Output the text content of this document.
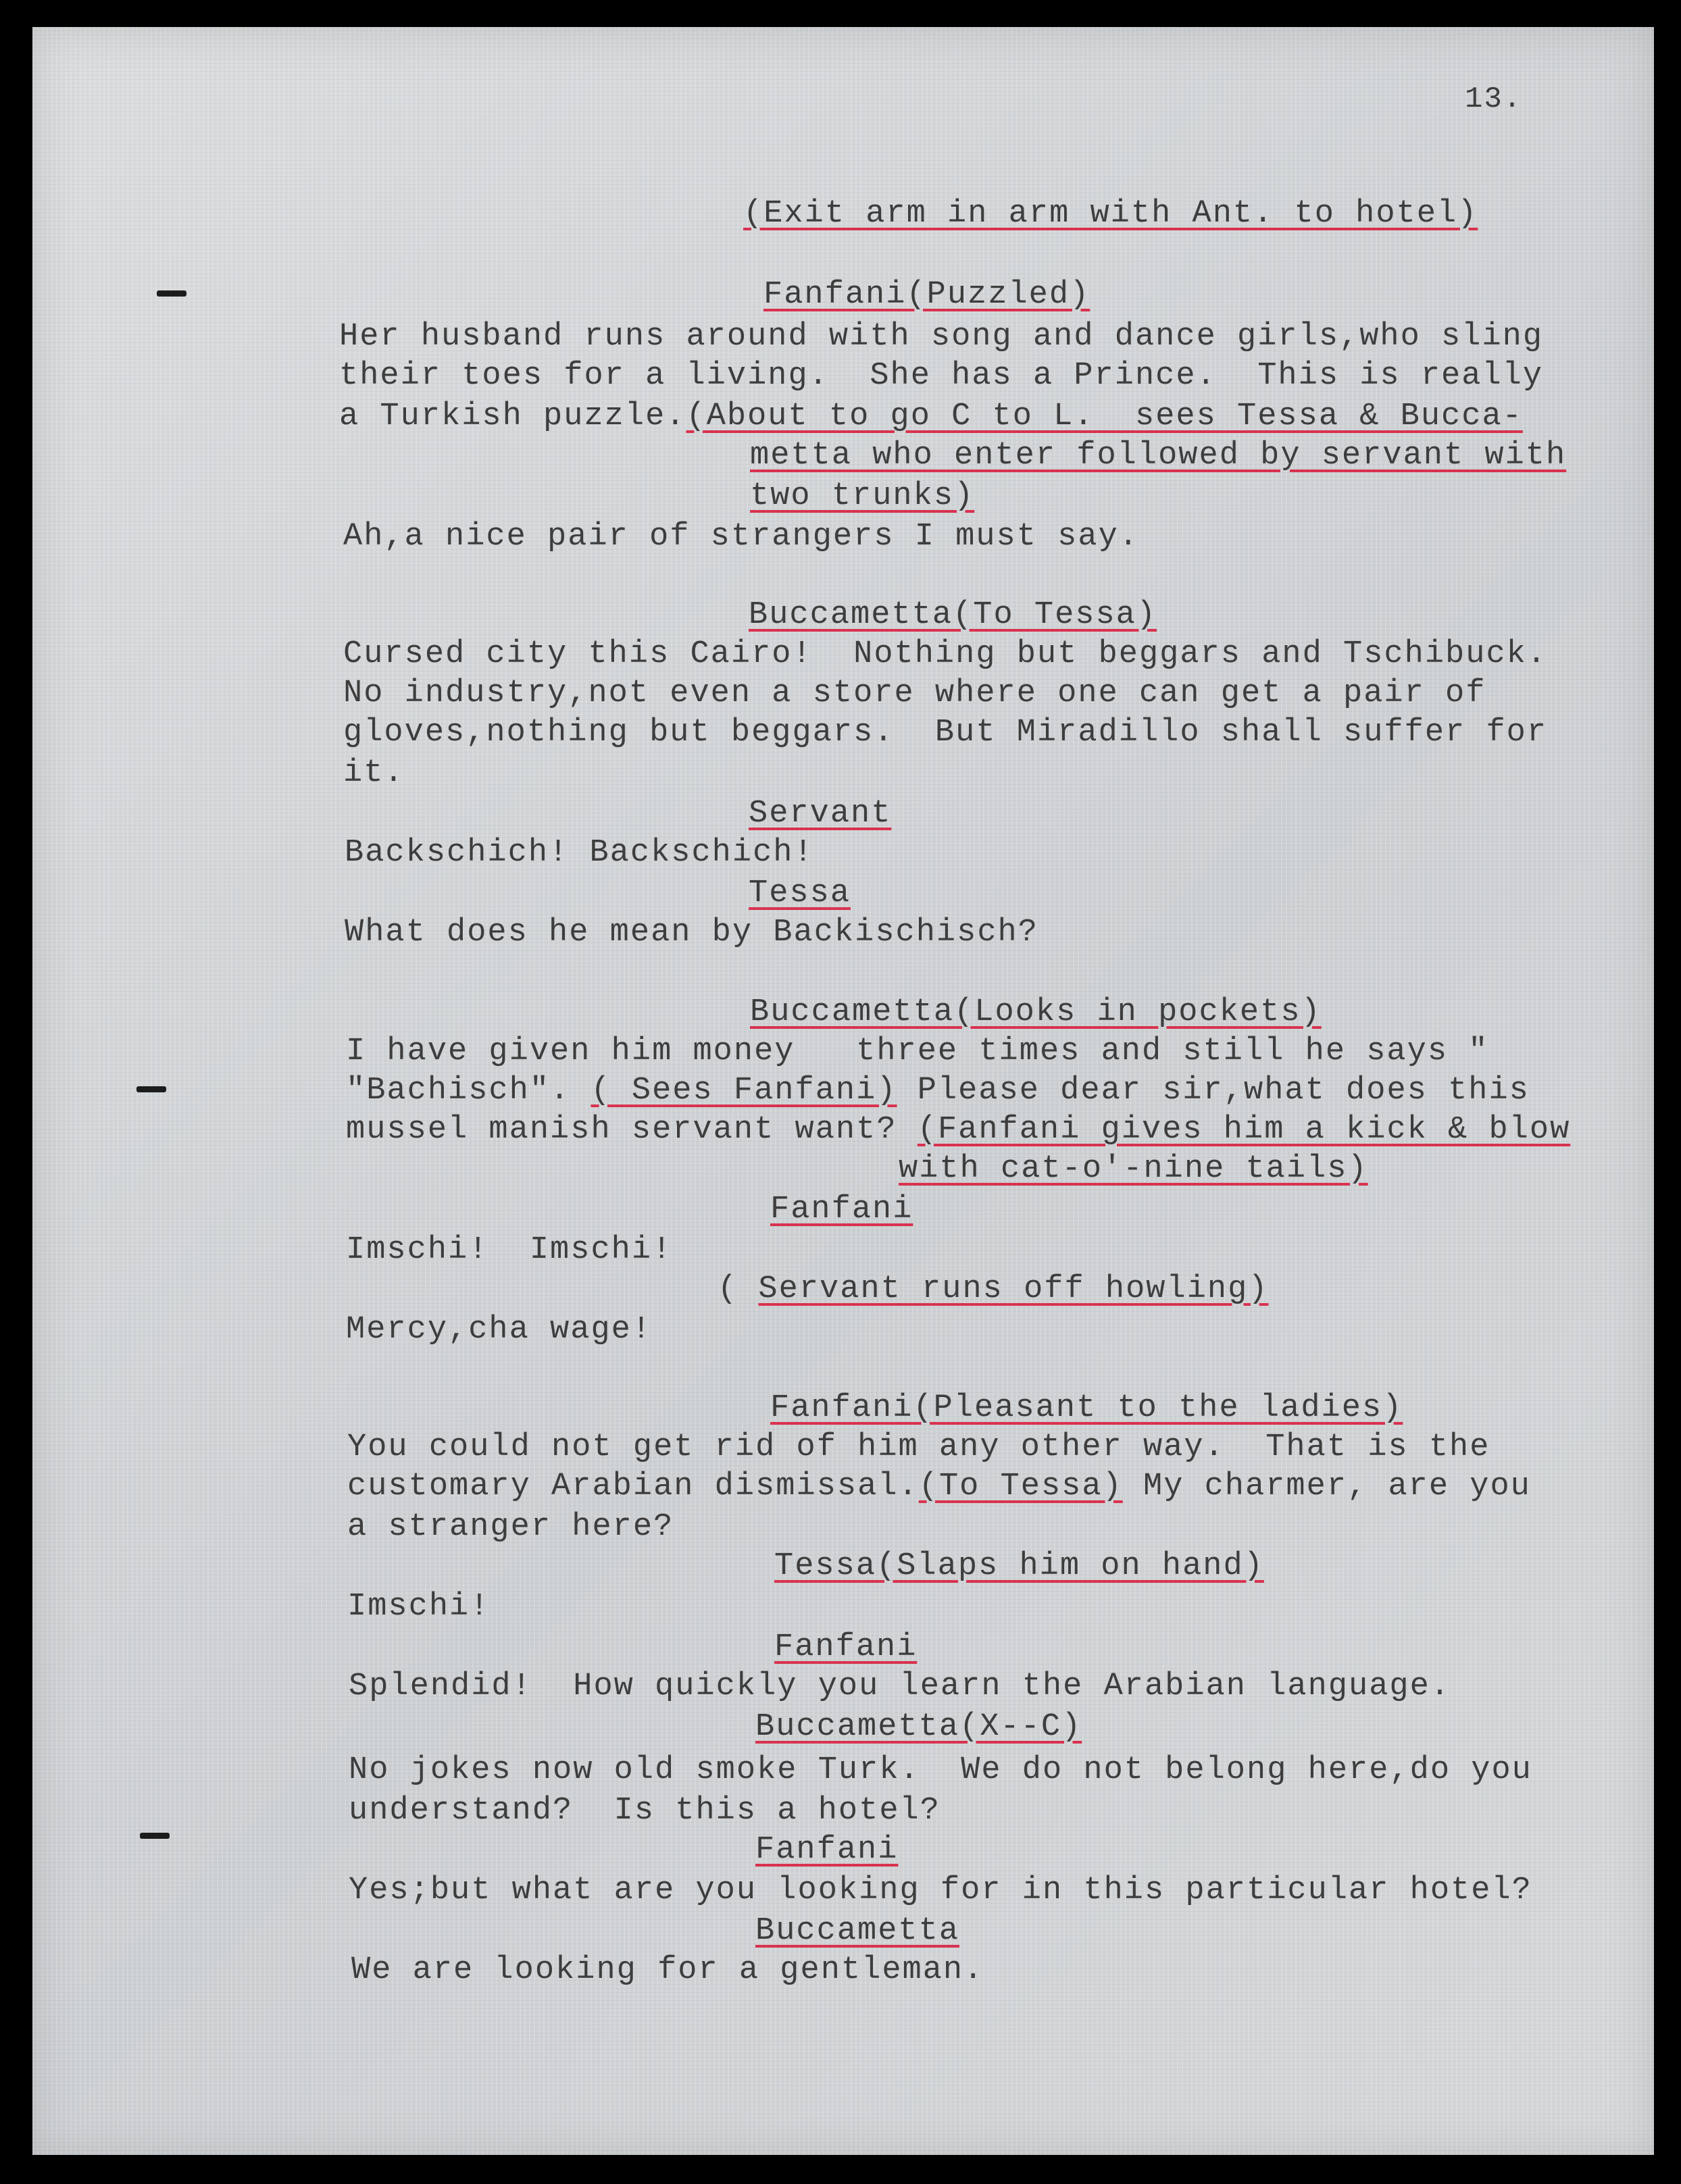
13.
(Exit arm in arm with Ant. to hotel)
Fanfani(Puzzled)
Her husband runs around with song and dance girls,who sling
their toes for a living.  She has a Prince.  This is really
a Turkish puzzle.(About to go C to L.  sees Tessa & Bucca-
metta who enter followed by servant with
two trunks)
Ah,a nice pair of strangers I must say.
Buccametta(To Tessa)
Cursed city this Cairo!  Nothing but beggars and Tschibuck.
No industry,not even a store where one can get a pair of
gloves,nothing but beggars.  But Miradillo shall suffer for
it.
Servant
Backschich! Backschich!
Tessa
What does he mean by Backischisch?
Buccametta(Looks in pockets)
I have given him money   three times and still he says "
"Bachisch". ( Sees Fanfani) Please dear sir,what does this
mussel manish servant want? (Fanfani gives him a kick & blow
with cat-o'-nine tails)
Fanfani
Imschi!  Imschi!
( Servant runs off howling)
Mercy,cha wage!
Fanfani(Pleasant to the ladies)
You could not get rid of him any other way.  That is the
customary Arabian dismissal.(To Tessa) My charmer, are you
a stranger here?
Tessa(Slaps him on hand)
Imschi!
Fanfani
Splendid!  How quickly you learn the Arabian language.
Buccametta(X--C)
No jokes now old smoke Turk.  We do not belong here,do you
understand?  Is this a hotel?
Fanfani
Yes;but what are you looking for in this particular hotel?
Buccametta
We are looking for a gentleman.
